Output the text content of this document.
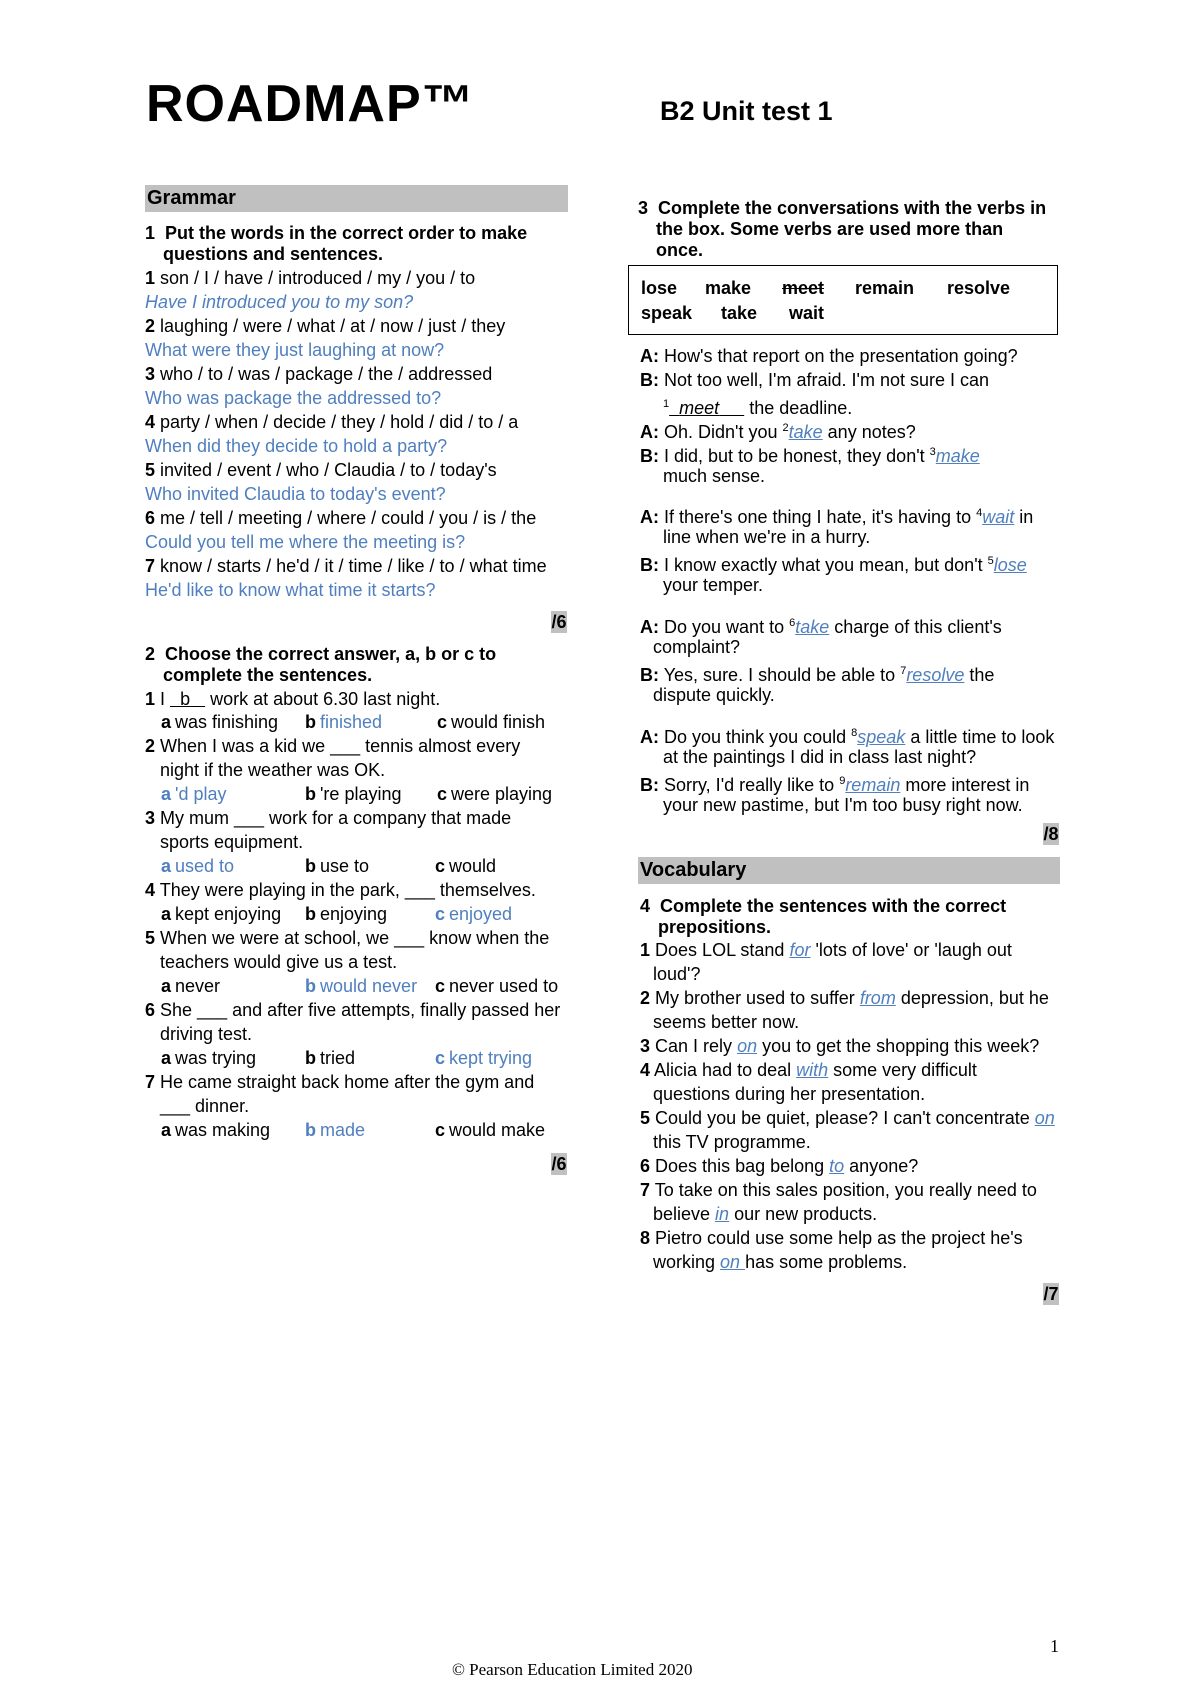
ROADMAP™	B2 Unit test 1
Grammar
1 Put the words in the correct order to make
questions and sentences.
1 son / I / have / introduced / my / you / to
Have I introduced you to my son?
2 laughing / were / what / at / now / just / they
What were they just laughing at now?
3 who / to / was / package / the / addressed
Who was package the addressed to?
4 party / when / decide / they / hold / did / to / a
When did they decide to hold a party?
5 invited / event / who / Claudia / to / today's
Who invited Claudia to today's event?
6 me / tell / meeting / where / could / you / is / the
Could you tell me where the meeting is?
7 know / starts / he'd / it / time / like / to / what time
He'd like to know what time it starts?
/6
2 Choose the correct answer, a, b or c to
complete the sentences.
1 I   b    work at about 6.30 last night.
a was finishing b finished	c would finish
2 When I was a kid we ___ tennis almost every
night if the weather was OK.
a 'd play	b 're playing c were playing
3 My mum ___ work for a company that made
sports equipment.
a used to	b use to	c would
4 They were playing in the park, ___ themselves.
a kept enjoying b enjoying	c enjoyed
5 When we were at school, we ___ know when the
teachers would give us a test.
a never	b would never c never used to
6 She ___ and after five attempts, finally passed her
driving test.
a was trying	b tried	c kept trying
7 He came straight back home after the gym and
___ dinner.
a was making b made	c would make
/6
3 Complete the conversations with the verbs in
the box. Some verbs are used more than
once.
lose make meet remain resolve
speak take wait
A: How's that report on the presentation going?
B: Not too well, I'm afraid. I'm not sure I can
$^1$ meet      the deadline.
A: Oh. Didn't you $^2$take any notes?
B: I did, but to be honest, they don't $^3$make
much sense.
A: If there's one thing I hate, it's having to $^4$wait in
line when we're in a hurry.
B: I know exactly what you mean, but don't $^5$lose
your temper.
A: Do you want to $^6$take charge of this client's
complaint?
B: Yes, sure. I should be able to $^7$resolve the
dispute quickly.
A: Do you think you could $^8$speak a little time to look
at the paintings I did in class last night?
B: Sorry, I'd really like to $^9$remain more interest in
your new pastime, but I'm too busy right now.
/8
Vocabulary
4 Complete the sentences with the correct
prepositions.
1 Does LOL stand for 'lots of love' or 'laugh out
loud'?
2 My brother used to suffer from depression, but he
seems better now.
3 Can I rely on you to get the shopping this week?
4 Alicia had to deal with some very difficult
questions during her presentation.
5 Could you be quiet, please? I can't concentrate on
this TV programme.
6 Does this bag belong to anyone?
7 To take on this sales position, you really need to
believe in our new products.
8 Pietro could use some help as the project he's
working on has some problems.
/7
1
© Pearson Education Limited 2020
